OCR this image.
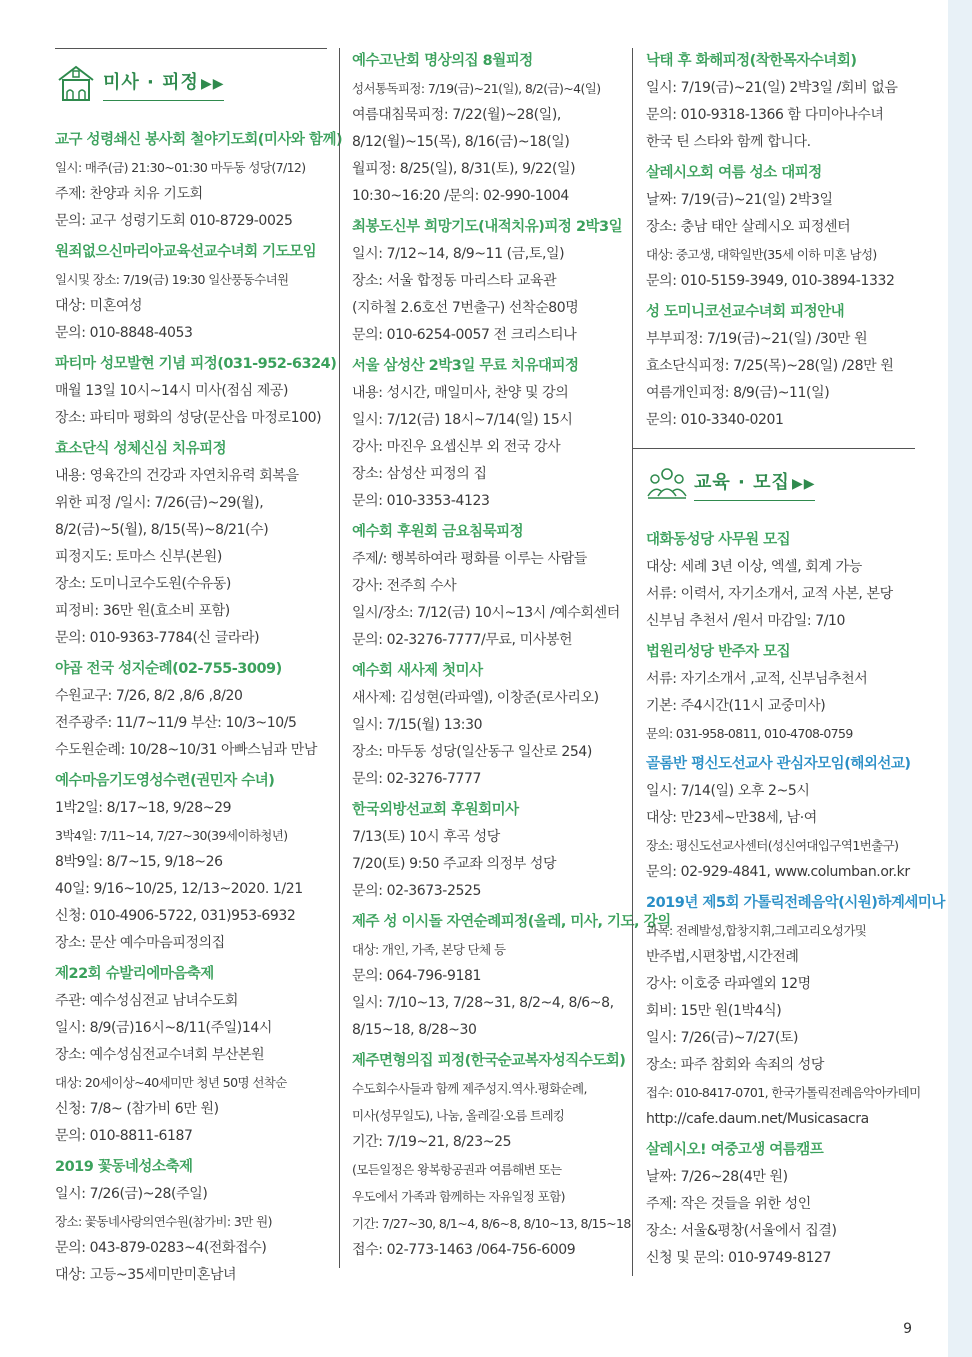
미사 · 피정 ▶▶
교구 성령쇄신 봉사회 철야기도회(미사와 함께)
일시: 매주(금) 21:30~01:30 마두동 성당(7/12)
주제: 찬양과 치유 기도회
문의: 교구 성령기도회 010-8729-0025
원죄없으신마리아교육선교수녀회 기도모임
일시및 장소: 7/19(금) 19:30 일산풍동수녀원
대상: 미혼여성
문의: 010-8848-4053
파티마 성모발현 기념 피정(031-952-6324)
매월 13일 10시~14시 미사(점심 제공)
장소: 파티마 평화의 성당(문산읍 마정로100)
효소단식 성체신심 치유피정
내용: 영육간의 건강과 자연치유력 회복을
위한 피정 /일시: 7/26(금)~29(월),
8/2(금)~5(월), 8/15(목)~8/21(수)
피정지도: 토마스 신부(본원)
장소: 도미니코수도원(수유동)
피정비: 36만 원(효소비 포함)
문의: 010-9363-7784(신 글라라)
야곱 전국 성지순례(02-755-3009)
수원교구: 7/26, 8/2 ,8/6 ,8/20
전주광주: 11/7~11/9 부산: 10/3~10/5
수도원순례: 10/28~10/31 아빠스님과 만남
예수마음기도영성수련(권민자 수녀)
1박2일: 8/17~18, 9/28~29
3박4일: 7/11~14, 7/27~30(39세이하청년)
8박9일: 8/7~15, 9/18~26
40일: 9/16~10/25, 12/13~2020. 1/21
신청: 010-4906-5722, 031)953-6932
장소: 문산 예수마음피정의집
제22회 슈발리에마음축제
주관: 예수성심전교 남녀수도회
일시: 8/9(금)16시~8/11(주일)14시
장소: 예수성심전교수녀회 부산본원
대상: 20세이상~40세미만 청년 50명 선착순
신청: 7/8~ (참가비 6만 원)
문의: 010-8811-6187
2019 꽃동네성소축제
일시: 7/26(금)~28(주일)
장소: 꽃동네사랑의연수원(참가비: 3만 원)
문의: 043-879-0283~4(전화접수)
대상: 고등~35세미만미혼남녀
예수고난회 명상의집 8월피정
성서통독피정: 7/19(금)~21(일), 8/2(금)~4(일)
여름대침묵피정: 7/22(월)~28(일),
8/12(월)~15(목), 8/16(금)~18(일)
월피정: 8/25(일), 8/31(토), 9/22(일)
10:30~16:20 /문의: 02-990-1004
최봉도신부 희망기도(내적치유)피정 2박3일
일시: 7/12~14, 8/9~11 (금,토,일)
장소: 서울 합정동 마리스타 교육관
(지하철 2.6호선 7번출구) 선착순80명
문의: 010-6254-0057 전 크리스티나
서울 삼성산 2박3일 무료 치유대피정
내용: 성시간, 매일미사, 찬양 및 강의
일시: 7/12(금) 18시~7/14(일) 15시
강사: 마진우 요셉신부 외 전국 강사
장소: 삼성산 피정의 집
문의: 010-3353-4123
예수회 후원회 금요침묵피정
주제/: 행복하여라 평화를 이루는 사람들
강사: 전주희 수사
일시/장소: 7/12(금) 10시~13시 /예수회센터
문의: 02-3276-7777/무료, 미사봉헌
예수회 새사제 첫미사
새사제: 김성현(라파엘), 이창준(로사리오)
일시: 7/15(월) 13:30
장소: 마두동 성당(일산동구 일산로 254)
문의: 02-3276-7777
한국외방선교회 후원회미사
7/13(토) 10시 후곡 성당
7/20(토) 9:50 주교좌 의정부 성당
문의: 02-3673-2525
제주 성 이시돌 자연순례피정(올레, 미사, 기도, 강의
대상: 개인, 가족, 본당 단체 등
문의: 064-796-9181
일시: 7/10~13, 7/28~31, 8/2~4, 8/6~8,
8/15~18, 8/28~30
제주면형의집 피정(한국순교복자성직수도회)
수도회수사들과 함께 제주성지.역사.평화순례,
미사(성무일도), 나눔, 올레길·오름 트레킹
기간: 7/19~21, 8/23~25
(모든일정은 왕복항공권과 여름해변 또는
우도에서 가족과 함께하는 자유일정 포함)
기간: 7/27~30, 8/1~4, 8/6~8, 8/10~13, 8/15~18
접수: 02-773-1463 /064-756-6009
낙태 후 화해피정(착한목자수녀회)
일시: 7/19(금)~21(일) 2박3일 /회비 없음
문의: 010-9318-1366 함 다미아나수녀
한국 틴 스타와 함께 합니다.
살레시오회 여름 성소 대피정
날짜: 7/19(금)~21(일) 2박3일
장소: 충남 태안 살레시오 피정센터
대상: 중고생, 대학일반(35세 이하 미혼 남성)
문의: 010-5159-3949, 010-3894-1332
성 도미니코선교수녀회 피정안내
부부피정: 7/19(금)~21(일) /30만 원
효소단식피정: 7/25(목)~28(일) /28만 원
여름개인피정: 8/9(금)~11(일)
문의: 010-3340-0201
교육 · 모집 ▶▶
대화동성당 사무원 모집
대상: 세례 3년 이상, 엑셀, 회계 가능
서류: 이력서, 자기소개서, 교적 사본, 본당
신부님 추천서 /원서 마감일: 7/10
법원리성당 반주자 모집
서류: 자기소개서 ,교적, 신부님추천서
기본: 주4시간(11시 교중미사)
문의: 031-958-0811, 010-4708-0759
골롬반 평신도선교사 관심자모임(해외선교)
일시: 7/14(일) 오후 2~5시
대상: 만23세~만38세, 남·여
장소: 평신도선교사센터(성신여대입구역1번출구)
문의: 02-929-4841, www.columban.or.kr
2019년 제5회 가톨릭전례음악(시원)하계세미나
과목: 전례발성,합창지휘,그레고리오성가및
반주법,시편창법,시간전례
강사: 이호중 라파엘외 12명
회비: 15만 원(1박4식)
일시: 7/26(금)~7/27(토)
장소: 파주 참회와 속죄의 성당
접수: 010-8417-0701, 한국가톨릭전례음악아카데미
http://cafe.daum.net/Musicasacra
살레시오! 여중고생 여름캠프
날짜: 7/26~28(4만 원)
주제: 작은 것들을 위한 성인
장소: 서울&평창(서울에서 집결)
신청 및 문의: 010-9749-8127
9
